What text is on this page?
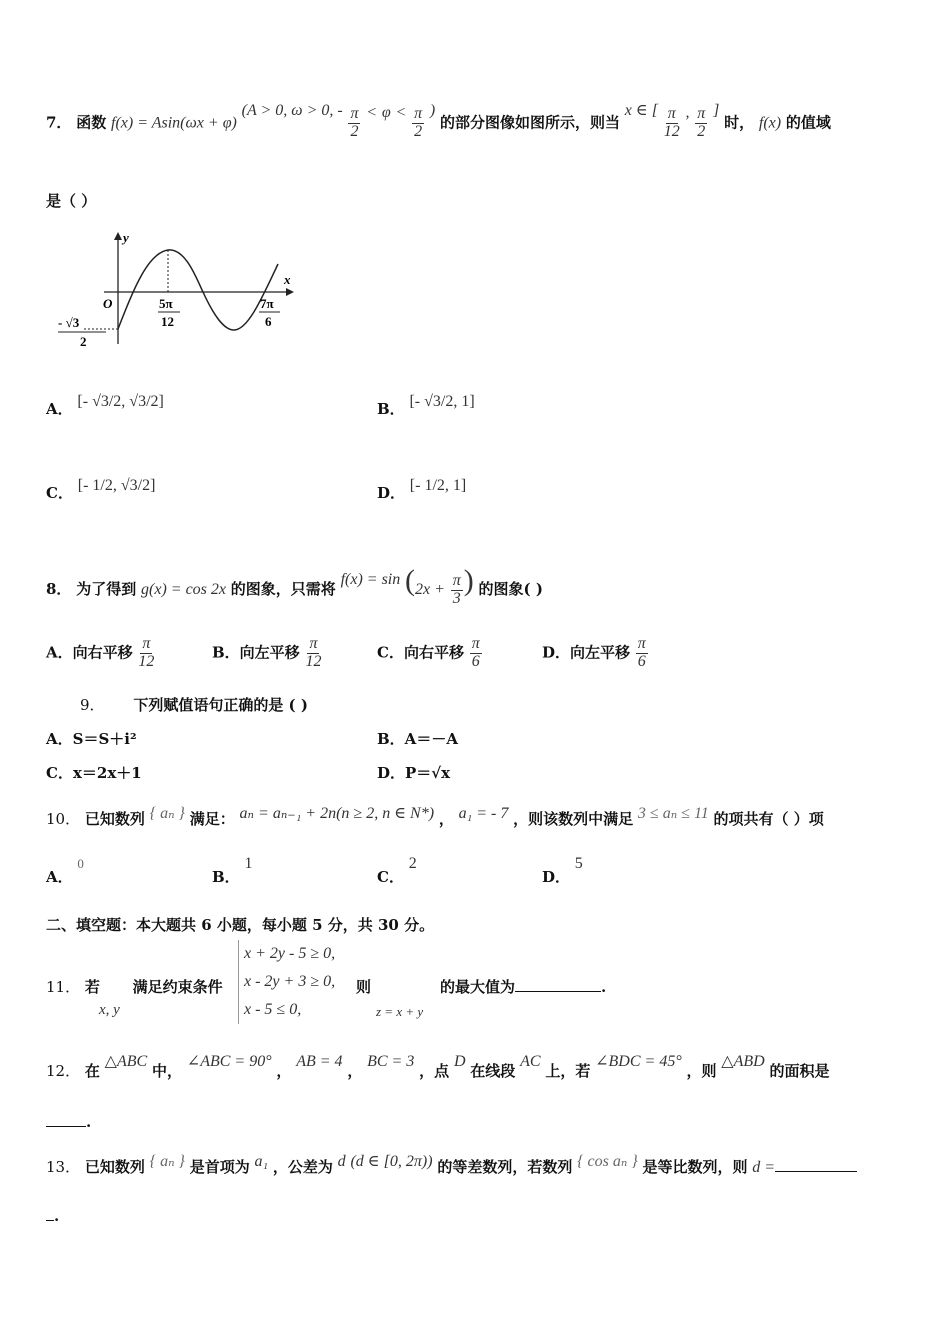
7． 函数 f(x) = Asin(ωx + φ) (A > 0, ω > 0, - $\frac{\pi}{2} < \varphi < \frac{\pi}{2}$ ) 的部分图像如图所示，则当 x ∈ [ $\frac{\pi}{12}$ , $\frac{\pi}{2}$ ] 时， f(x) 的值域
是（ ）
y
x
O	5π
12
7π
6
- √3
2
A． [- √3/2, √3/2]	B． [- √3/2, 1]
C． [- 1/2, √3/2]	D． [- 1/2, 1]
8． 为了得到 g(x) = cos 2x 的图象，只需将 $f(x) = \sin (2x + \frac{\pi}{3}$ ) 的图象( )
A．向右平移 $\frac{\pi}{12}$	B．向左平移 $\frac{\pi}{12}$	C．向右平移 $\frac{\pi}{6}$	D．向左平移 $\frac{\pi}{6}$
9． 下列赋值语句正确的是 ( )
A．S＝S＋i²	B．A＝－A
C．x＝2x＋1	D．P＝√x
10． 已知数列 { aₙ } 满足： aₙ = aₙ₋₁ + 2n(n ≥ 2, n ∈ N*) ， a₁ = - 7 ，则该数列中满足 3 ≤ aₙ ≤ 11 的项共有（ ）项
A． 0
B． 1
C． 2
D． 5
二、填空题：本大题共 6 小题，每小题 5 分，共 30 分。
11． 若 满足约束条件
x, y
x + 2y - 5 ≥ 0,
x - 2y + 3 ≥ 0,
x - 5 ≤ 0,
则
z = x + y
的最大值为	.
12． 在 △ABC 中， ∠ABC = 90° ， AB = 4 ， BC = 3 ，点 D 在线段 AC 上，若 ∠BDC = 45° ，则 △ABD 的面积是
.
13． 已知数列 { aₙ } 是首项为 a₁ ，公差为 d (d ∈ [0, 2π)) 的等差数列，若数列 { cos aₙ } 是等比数列，则 d =
.
